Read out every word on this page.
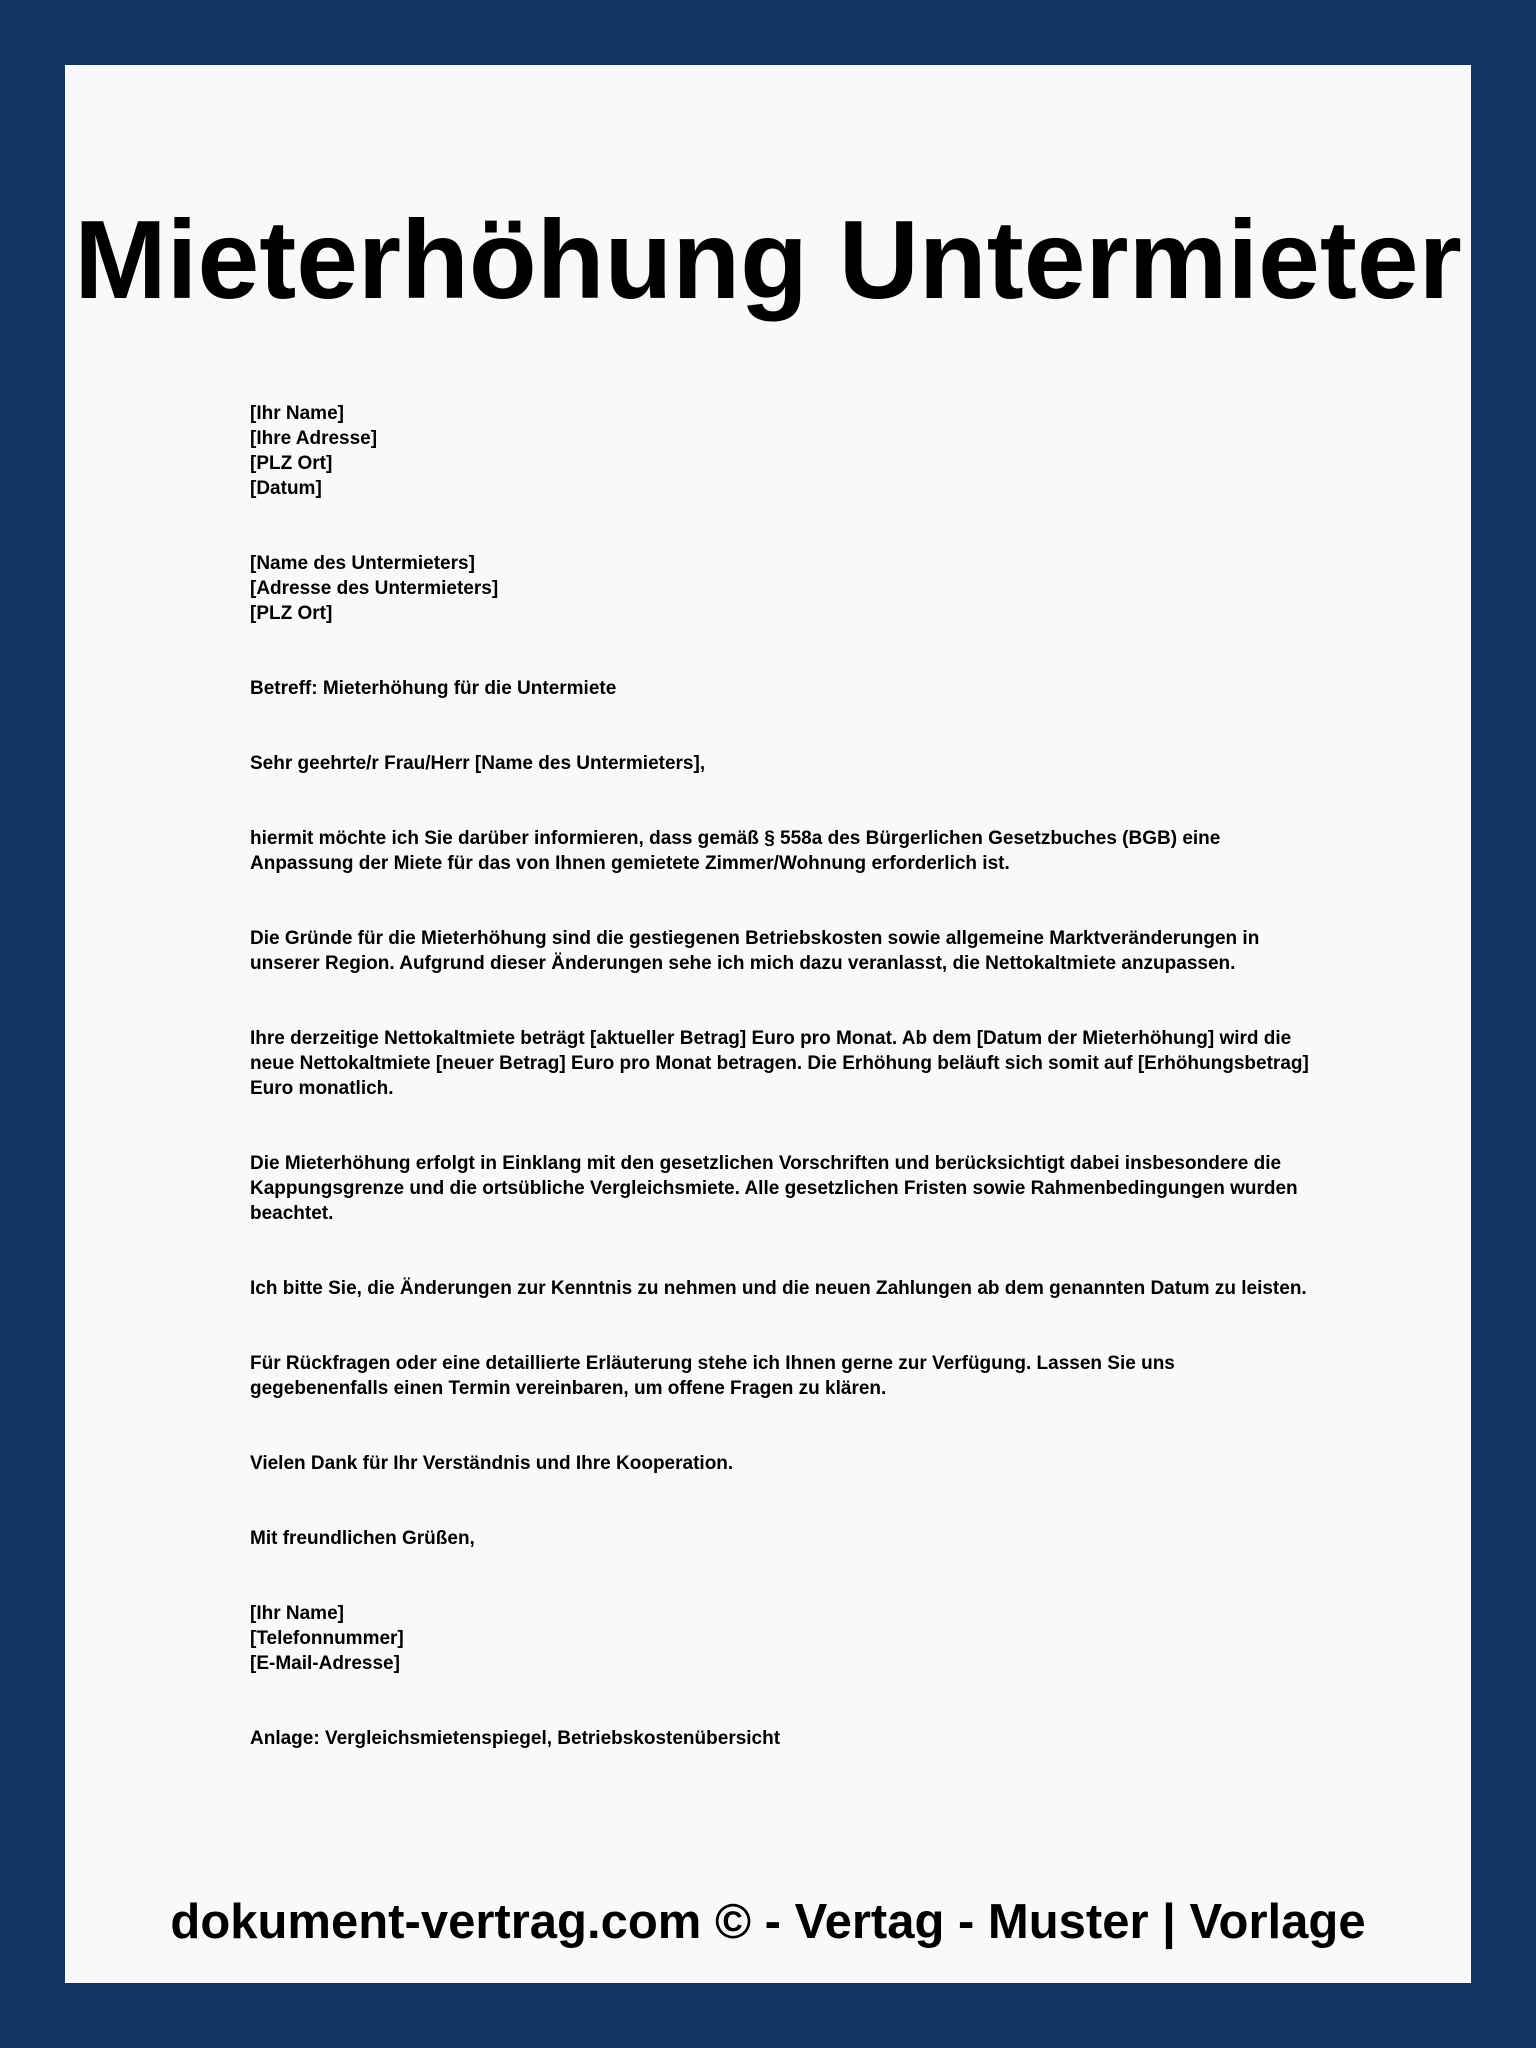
Mieterhöhung Untermieter
[Ihr Name]
[Ihre Adresse]
[PLZ Ort]
[Datum]
[Name des Untermieters]
[Adresse des Untermieters]
[PLZ Ort]
Betreff: Mieterhöhung für die Untermiete
Sehr geehrte/r Frau/Herr [Name des Untermieters],
hiermit möchte ich Sie darüber informieren, dass gemäß § 558a des Bürgerlichen Gesetzbuches (BGB) eine Anpassung der Miete für das von Ihnen gemietete Zimmer/Wohnung erforderlich ist.
Die Gründe für die Mieterhöhung sind die gestiegenen Betriebskosten sowie allgemeine Marktveränderungen in unserer Region. Aufgrund dieser Änderungen sehe ich mich dazu veranlasst, die Nettokaltmiete anzupassen.
Ihre derzeitige Nettokaltmiete beträgt [aktueller Betrag] Euro pro Monat. Ab dem [Datum der Mieterhöhung] wird die neue Nettokaltmiete [neuer Betrag] Euro pro Monat betragen. Die Erhöhung beläuft sich somit auf [Erhöhungsbetrag] Euro monatlich.
Die Mieterhöhung erfolgt in Einklang mit den gesetzlichen Vorschriften und berücksichtigt dabei insbesondere die Kappungsgrenze und die ortsübliche Vergleichsmiete. Alle gesetzlichen Fristen sowie Rahmenbedingungen wurden beachtet.
Ich bitte Sie, die Änderungen zur Kenntnis zu nehmen und die neuen Zahlungen ab dem genannten Datum zu leisten.
Für Rückfragen oder eine detaillierte Erläuterung stehe ich Ihnen gerne zur Verfügung. Lassen Sie uns gegebenenfalls einen Termin vereinbaren, um offene Fragen zu klären.
Vielen Dank für Ihr Verständnis und Ihre Kooperation.
Mit freundlichen Grüßen,
[Ihr Name]
[Telefonnummer]
[E-Mail-Adresse]
Anlage: Vergleichsmietenspiegel, Betriebskostenübersicht
dokument-vertrag.com © - Vertag - Muster | Vorlage
